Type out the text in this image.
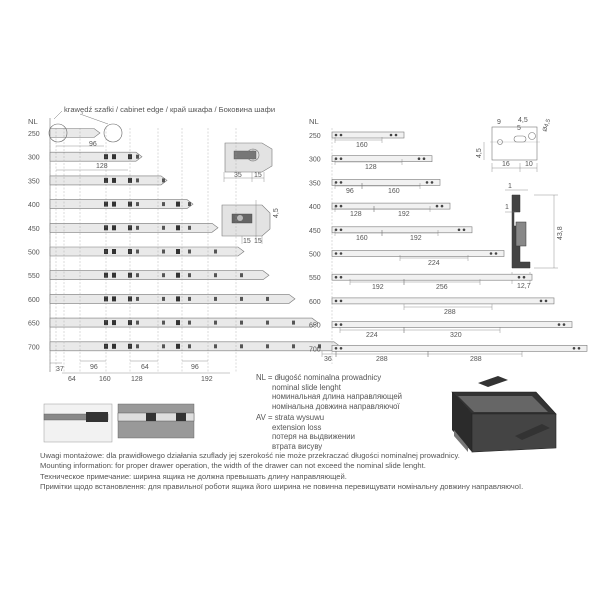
krawędź szafki / cabinet edge / край шкафа / Боковина шафи
NL	NL
35 15
15 15
4,5
9 4,5
5
16 10
4,5
Ø4,5
1
1
43,8
12,7
250
300
350
400
450
500
550
600
650
700
96
128
37
64	160	128	192
96	64	96
250
300
350
400
450
500
550
600
650
700
160
128
96	160
128	192
160	192
224
192	256
288
224	320
36	288	288
NL = długość nominalna prowadnicy
nominal slide lenght
номинальная длина направляющей
номінальна довжина направляючої
AV = strata wysuwu
extension loss
потеря на выдвижении
втрата висуву
Uwagi montażowe: dla prawidłowego działania szuflady jej szerokość nie może przekraczać długości nominalnej prowadnicy.
Mounting information: for proper drawer operation, the width of the drawer can not exceed the nominal slide lenght.
Техническое примечание: ширина ящика не должна превышать длину направляющей.
Примітки щодо встановлення: для правильної роботи ящика його ширина не повинна перевищувати номінальну довжину направляючої.
